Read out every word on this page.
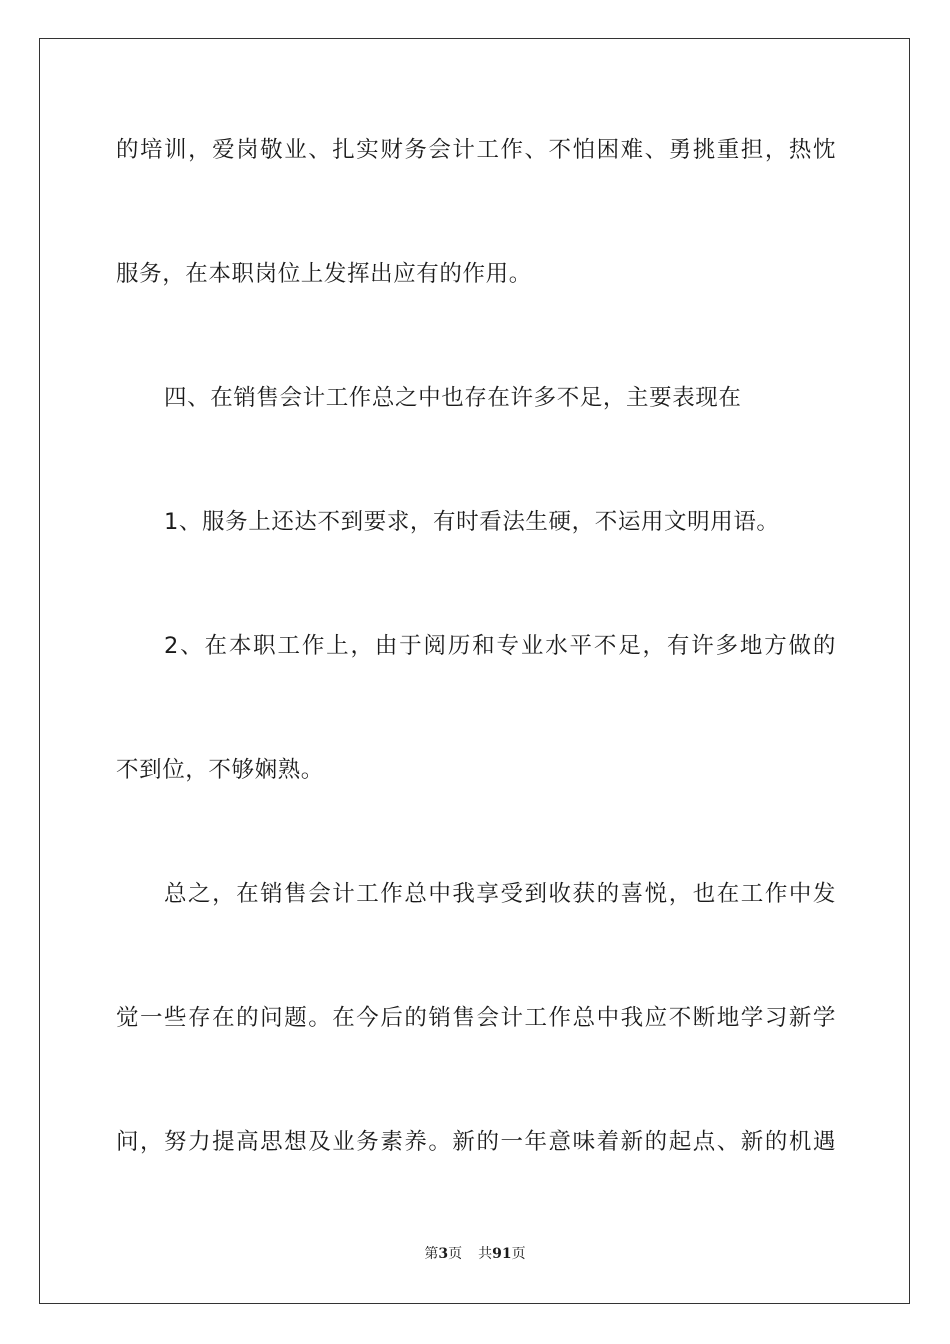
的培训，爱岗敬业、扎实财务会计工作、不怕困难、勇挑重担，热忱
服务，在本职岗位上发挥出应有的作用。
四、在销售会计工作总之中也存在许多不足，主要表现在
1、服务上还达不到要求，有时看法生硬，不运用文明用语。
2、在本职工作上，由于阅历和专业水平不足，有许多地方做的
不到位，不够娴熟。
总之，在销售会计工作总中我享受到收获的喜悦，也在工作中发
觉一些存在的问题。在今后的销售会计工作总中我应不断地学习新学
问，努力提高思想及业务素养。新的一年意味着新的起点、新的机遇
第3页 共91页
